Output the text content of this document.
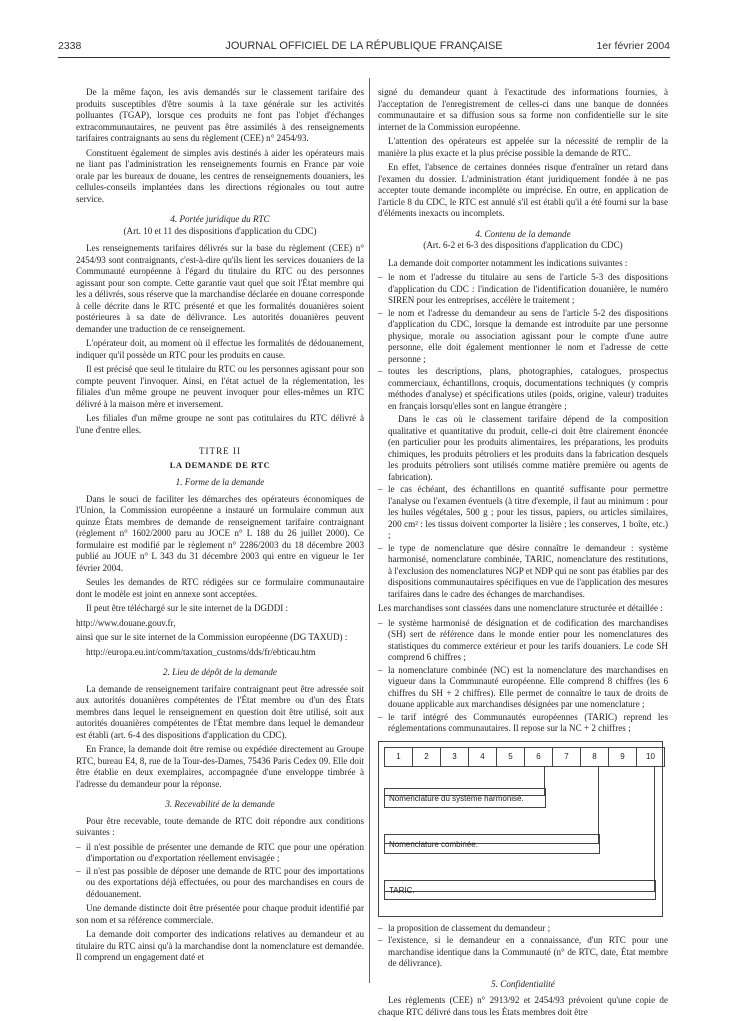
2338	JOURNAL OFFICIEL DE LA RÉPUBLIQUE FRANÇAISE	1er février 2004

De la même façon, les avis demandés sur le classement tarifaire des produits susceptibles d'être soumis à la taxe générale sur les activités polluantes (TGAP), lorsque ces produits ne font pas l'objet d'échanges extracommunautaires, ne peuvent pas être assimilés à des renseignements tarifaires contraignants au sens du règlement (CEE) n° 2454/93.

Constituent également de simples avis destinés à aider les opérateurs mais ne liant pas l'administration les renseignements fournis en France par voie orale par les bureaux de douane, les centres de renseignements douaniers, les cellules-conseils implantées dans les directions régionales ou tout autre service.

4. Portée juridique du RTC
(Art. 10 et 11 des dispositions d'application du CDC)

Les renseignements tarifaires délivrés sur la base du règlement (CEE) n° 2454/93 sont contraignants, c'est-à-dire qu'ils lient les services douaniers de la Communauté européenne à l'égard du titulaire du RTC ou des personnes agissant pour son compte. Cette garantie vaut quel que soit l'État membre qui les a délivrés, sous réserve que la marchandise déclarée en douane corresponde à celle décrite dans le RTC présenté et que les formalités douanières soient postérieures à sa date de délivrance. Les autorités douanières peuvent demander une traduction de ce renseignement.

L'opérateur doit, au moment où il effectue les formalités de dédouanement, indiquer qu'il possède un RTC pour les produits en cause.

Il est précisé que seul le titulaire du RTC ou les personnes agissant pour son compte peuvent l'invoquer. Ainsi, en l'état actuel de la réglementation, les filiales d'un même groupe ne peuvent invoquer pour elles-mêmes un RTC délivré à la maison mère et inversement.

Les filiales d'un même groupe ne sont pas cotitulaires du RTC délivré à l'une d'entre elles.

TITRE II
LA DEMANDE DE RTC
1. Forme de la demande

Dans le souci de faciliter les démarches des opérateurs économiques de l'Union, la Commission européenne a instauré un formulaire commun aux quinze États membres de demande de renseignement tarifaire contraignant (règlement n° 1602/2000 paru au JOCE n° L 188 du 26 juillet 2000). Ce formulaire est modifié par le règlement n° 2286/2003 du 18 décembre 2003 publié au JOUE n° L 343 du 31 décembre 2003 qui entre en vigueur le 1er février 2004.

Seules les demandes de RTC rédigées sur ce formulaire communautaire dont le modèle est joint en annexe sont acceptées.

Il peut être téléchargé sur le site internet de la DGDDI :

http://www.douane.gouv.fr,

ainsi que sur le site internet de la Commission européenne (DG TAXUD) :

http://europa.eu.int/comm/taxation_customs/dds/fr/ebticau.htm

2. Lieu de dépôt de la demande

La demande de renseignement tarifaire contraignant peut être adressée soit aux autorités douanières compétentes de l'État membre ou d'un des États membres dans lequel le renseignement en question doit être utilisé, soit aux autorités douanières compétentes de l'État membre dans lequel le demandeur est établi (art. 6-4 des dispositions d'application du CDC).

En France, la demande doit être remise ou expédiée directement au Groupe RTC, bureau E4, 8, rue de la Tour-des-Dames, 75436 Paris Cedex 09. Elle doit être établie en deux exemplaires, accompagnée d'une enveloppe timbrée à l'adresse du demandeur pour la réponse.

3. Recevabilité de la demande

Pour être recevable, toute demande de RTC doit répondre aux conditions suivantes :

– il n'est possible de présenter une demande de RTC que pour une opération d'importation ou d'exportation réellement envisagée ;
– il n'est pas possible de déposer une demande de RTC pour des importations ou des exportations déjà effectuées, ou pour des marchandises en cours de dédouanement.

Une demande distincte doit être présentée pour chaque produit identifié par son nom et sa référence commerciale.

La demande doit comporter des indications relatives au demandeur et au titulaire du RTC ainsi qu'à la marchandise dont la nomenclature est demandée. Il comprend un engagement daté et

signé du demandeur quant à l'exactitude des informations fournies, à l'acceptation de l'enregistrement de celles-ci dans une banque de données communautaire et sa diffusion sous sa forme non confidentielle sur le site internet de la Commission européenne.

L'attention des opérateurs est appelée sur la nécessité de remplir de la manière la plus exacte et la plus précise possible la demande de RTC.

En effet, l'absence de certaines données risque d'entraîner un retard dans l'examen du dossier. L'administration étant juridiquement fondée à ne pas accepter toute demande incomplète ou imprécise. En outre, en application de l'article 8 du CDC, le RTC est annulé s'il est établi qu'il a été fourni sur la base d'éléments inexacts ou incomplets.

4. Contenu de la demande
(Art. 6-2 et 6-3 des dispositions d'application du CDC)

La demande doit comporter notamment les indications suivantes :

– le nom et l'adresse du titulaire au sens de l'article 5-3 des dispositions d'application du CDC : l'indication de l'identification douanière, le numéro SIREN pour les entreprises, accélère le traitement ;
– le nom et l'adresse du demandeur au sens de l'article 5-2 des dispositions d'application du CDC, lorsque la demande est introduite par une personne physique, morale ou association agissant pour le compte d'une autre personne, elle doit également mentionner le nom et l'adresse de cette personne ;
– toutes les descriptions, plans, photographies, catalogues, prospectus commerciaux, échantillons, croquis, documentations techniques (y compris méthodes d'analyse) et spécifications utiles (poids, origine, valeur) traduites en français lorsqu'elles sont en langue étrangère ;

Dans le cas où le classement tarifaire dépend de la composition qualitative et quantitative du produit, celle-ci doit être clairement énoncée (en particulier pour les produits alimentaires, les préparations, les produits chimiques, les produits pétroliers et les produits dans la fabrication desquels les produits pétroliers sont utilisés comme matière première ou agents de fabrication).

– le cas échéant, des échantillons en quantité suffisante pour permettre l'analyse ou l'examen éventuels (à titre d'exemple, il faut au minimum : pour les huiles végétales, 500 g ; pour les tissus, papiers, ou articles similaires, 200 cm² : les tissus doivent comporter la lisière ; les conserves, 1 boîte, etc.) ;
– le type de nomenclature que désire connaître le demandeur : système harmonisé, nomenclature combinée, TARIC, nomenclature des restitutions, à l'exclusion des nomenclatures NGP et NDP qui ne sont pas établies par des dispositions communautaires spécifiques en vue de l'application des mesures tarifaires dans le cadre des échanges de marchandises.

Les marchandises sont classées dans une nomenclature structurée et détaillée :

– le système harmonisé de désignation et de codification des marchandises (SH) sert de référence dans le monde entier pour les nomenclatures des statistiques du commerce extérieur et pour les tarifs douaniers. Le code SH comprend 6 chiffres ;
– la nomenclature combinée (NC) est la nomenclature des marchandises en vigueur dans la Communauté européenne. Elle comprend 8 chiffres (les 6 chiffres du SH + 2 chiffres). Elle permet de connaître le taux de droits de douane applicable aux marchandises désignées par une nomenclature ;
– le tarif intégré des Communautés européennes (TARIC) reprend les réglementations communautaires. Il repose sur la NC + 2 chiffres ;
1	2	3	4	5	6	7	8	9	10
Nomenclature du système harmonisé.
Nomenclature combinée.
TARIC.
– la proposition de classement du demandeur ;
– l'existence, si le demandeur en a connaissance, d'un RTC pour une marchandise identique dans la Communauté (n° de RTC, date, État membre de délivrance).
5. Confidentialité

Les règlements (CEE) n° 2913/92 et 2454/93 prévoient qu'une copie de chaque RTC délivré dans tous les États membres doit être
